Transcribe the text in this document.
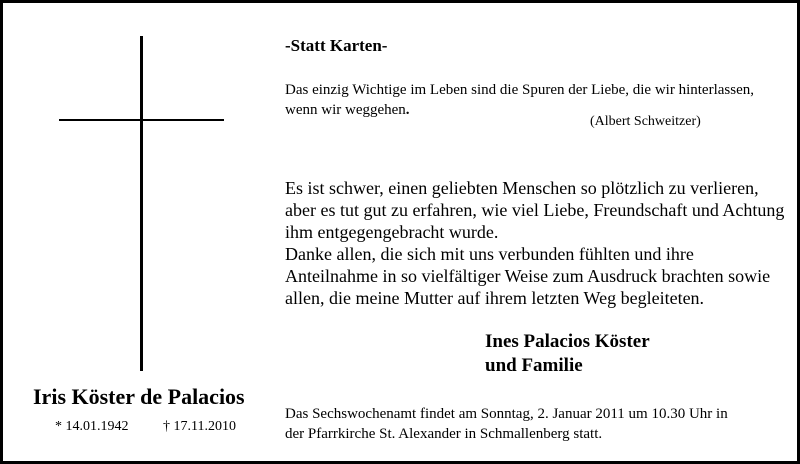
Iris Köster de Palacios
* 14.01.1942 † 17.11.2010
-Statt Karten-
Das einzig Wichtige im Leben sind die Spuren der Liebe, die wir hinterlassen, wenn wir weggehen.
(Albert Schweitzer)

Es ist schwer, einen geliebten Menschen so plötzlich zu verlieren, aber es tut gut zu erfahren, wie viel Liebe, Freundschaft und Achtung ihm entgegengebracht wurde.

Danke allen, die sich mit uns verbunden fühlten und ihre Anteilnahme in so vielfältiger Weise zum Ausdruck brachten sowie allen, die meine Mutter auf ihrem letzten Weg begleiteten.

Ines Palacios Köster
und Familie
Das Sechswochenamt findet am Sonntag, 2. Januar 2011 um 10.30 Uhr in
der Pfarrkirche St. Alexander in Schmallenberg statt.
